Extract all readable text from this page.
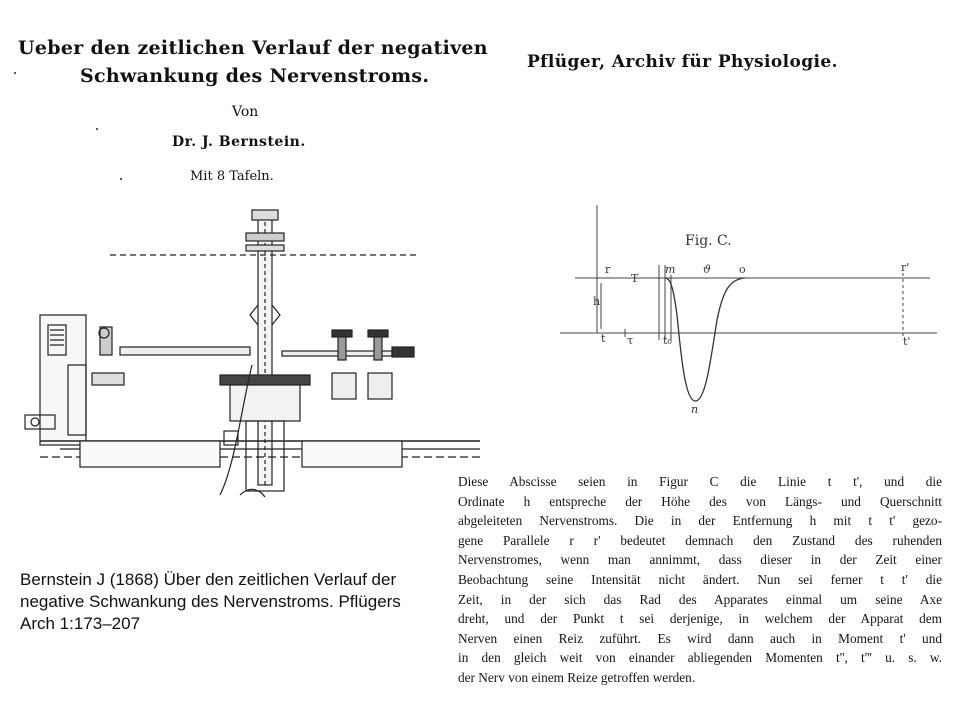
Ueber den zeitlichen Verlauf der negativen
Schwankung des Nervenstroms.
Von
Dr. J. Bernstein.
Mit 8 Tafeln.
Pflüger, Archiv für Physiologie.
Fig. C.
r
T
m	ϑ	o	r'
h
t τ	t₀	t'
n
Diese Abscisse seien in Figur C die Linie t t', und die
Ordinate h entspreche der Höhe des von Längs- und Querschnitt
abgeleiteten Nervenstroms. Die in der Entfernung h mit t t' gezo-
gene Parallele r r' bedeutet demnach den Zustand des ruhenden
Nervenstromes, wenn man annimmt, dass dieser in der Zeit einer
Beobachtung seine Intensität nicht ändert. Nun sei ferner t t' die
Zeit, in der sich das Rad des Apparates einmal um seine Axe
dreht, und der Punkt t sei derjenige, in welchem der Apparat dem
Nerven einen Reiz zuführt. Es wird dann auch in Moment t' und
in den gleich weit von einander abliegenden Momenten t'', t''' u. s. w.
der Nerv von einem Reize getroffen werden.
Bernstein J (1868) Über den zeitlichen Verlauf der negative Schwankung des Nervenstroms. Pflügers Arch 1:173–207
